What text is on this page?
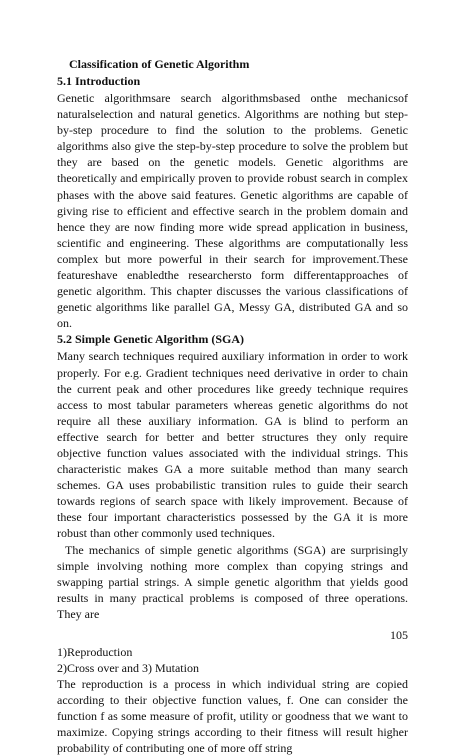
Classification of Genetic Algorithm
5.1 Introduction

Genetic algorithmsare search algorithmsbased onthe mechanicsof naturalselection and natural genetics. Algorithms are nothing but step-by-step procedure to find the solution to the problems. Genetic algorithms also give the step-by-step procedure to solve the problem but they are based on the genetic models. Genetic algorithms are theoretically and empirically proven to provide robust search in complex phases with the above said features. Genetic algorithms are capable of giving rise to efficient and effective search in the problem domain and hence they are now finding more wide spread application in business, scientific and engineering. These algorithms are computationally less complex but more powerful in their search for improvement.These featureshave enabledthe researchersto form differentapproaches of genetic algorithm. This chapter discusses the various classifications of genetic algorithms like parallel GA, Messy GA, distributed GA and so on.

5.2 Simple Genetic Algorithm (SGA)

Many search techniques required auxiliary information in order to work properly. For e.g. Gradient techniques need derivative in order to chain the current peak and other procedures like greedy technique requires access to most tabular parameters whereas genetic algorithms do not require all these auxiliary information. GA is blind to perform an effective search for better and better structures they only require objective function values associated with the individual strings. This characteristic makes GA a more suitable method than many search schemes. GA uses probabilistic transition rules to guide their search towards regions of search space with likely improvement. Because of these four important characteristics possessed by the GA it is more robust than other commonly used techniques.

The mechanics of simple genetic algorithms (SGA) are surprisingly simple involving nothing more complex than copying strings and swapping partial strings. A simple genetic algorithm that yields good results in many practical problems is composed of three operations. They are

105
1)Reproduction
2)Cross over and 3) Mutation

The reproduction is a process in which individual string are copied according to their objective function values, f. One can consider the function f as some measure of profit, utility or goodness that we want to maximize. Copying strings according to their fitness will result higher probability of contributing one of more off string
